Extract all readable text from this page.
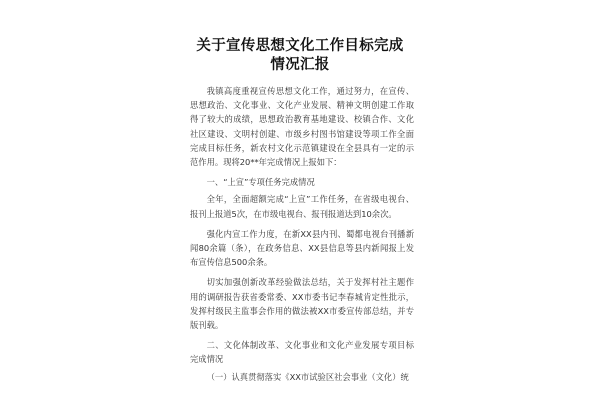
关于宣传思想文化工作目标完成情况汇报

我镇高度重视宣传思想文化工作，通过努力，在宣传、思想政治、文化事业、文化产业发展、精神文明创建工作取得了较大的成绩，思想政治教育基地建设、校镇合作、文化社区建设、文明村创建、市级乡村图书馆建设等项工作全面完成目标任务，新农村文化示范镇建设在全县具有一定的示范作用。现将20**年完成情况上报如下：

一、“上宣”专项任务完成情况

全年，全面超额完成“上宣”工作任务，在省级电视台、报刊上报道5次，在市级电视台、报刊报道达到10余次。

强化内宣工作力度，在新XX县内刊、蜀都电视台刊播新闻80余篇（条），在政务信息、XX县信息等县内新闻报上发布宣传信息500余条。

切实加强创新改革经验做法总结，关于发挥村社主题作用的调研报告获省委常委、XX市委书记李春城肯定性批示，发挥村级民主监事会作用的做法被XX市委宣传部总结，并专版刊载。

二、文化体制改革、文化事业和文化产业发展专项目标完成情况

（一）认真贯彻落实《XX市试验区社会事业（文化）统
